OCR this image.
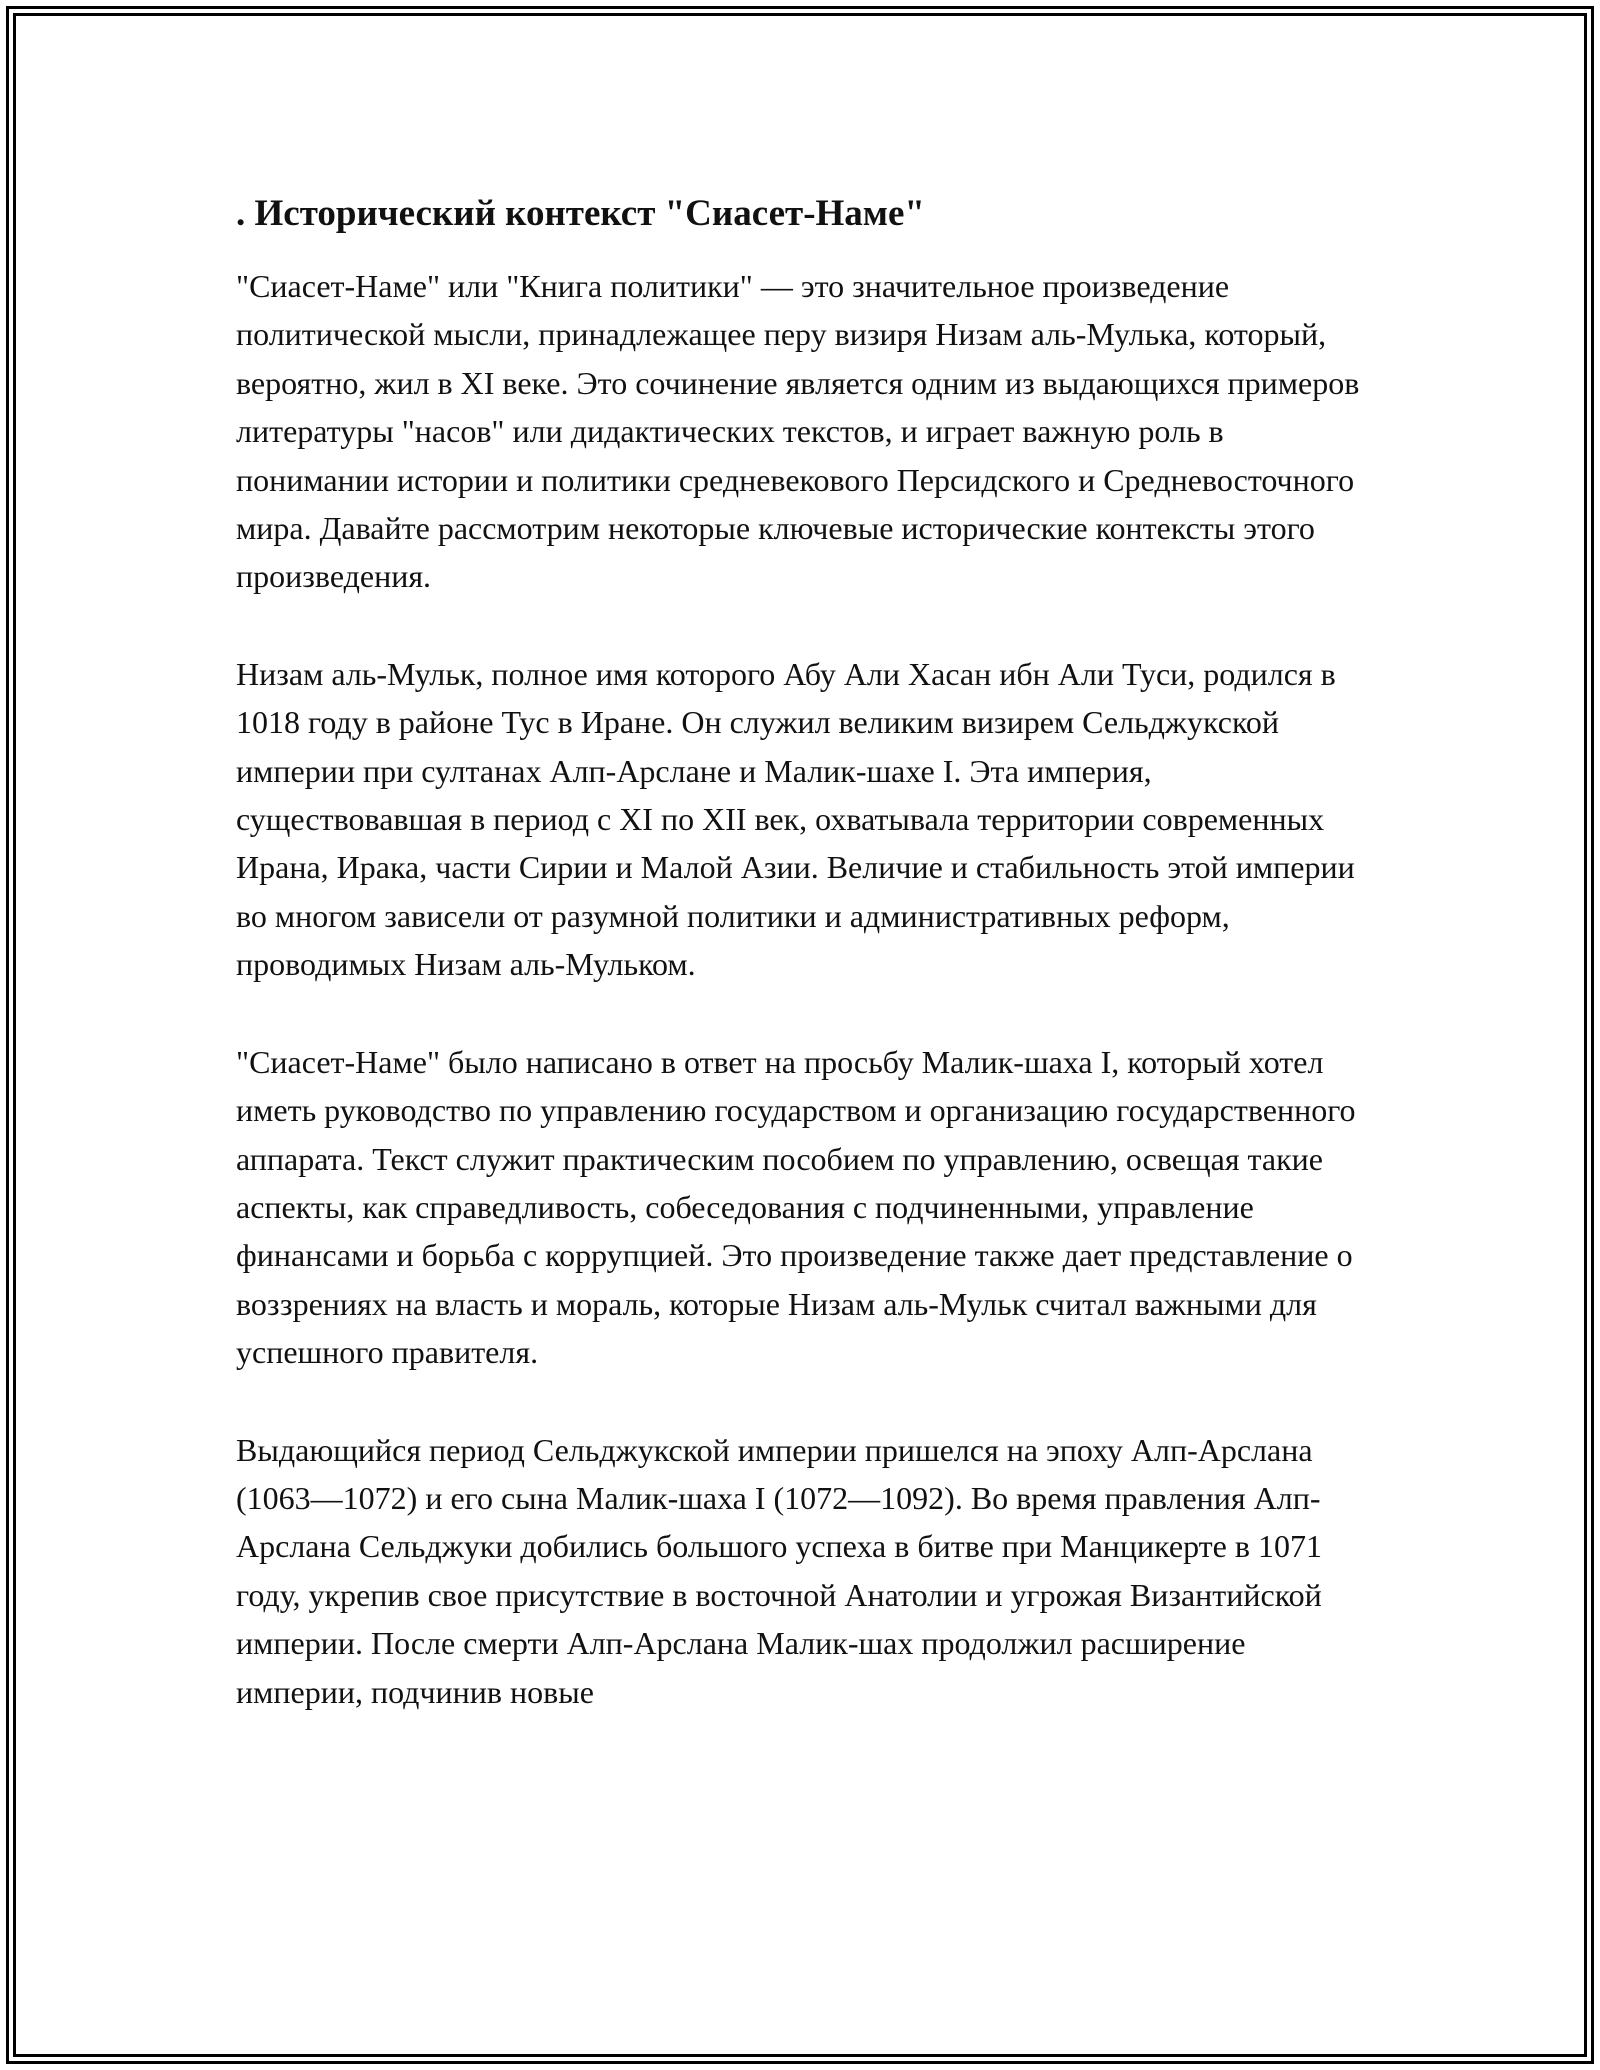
. Исторический контекст "Сиасет-Наме"

"Сиасет-Наме" или "Книга политики" — это значительное произведение политической мысли, принадлежащее перу визиря Низам аль-Мулька, который, вероятно, жил в XI веке. Это сочинение является одним из выдающихся примеров литературы "насов" или дидактических текстов, и играет важную роль в понимании истории и политики средневекового Персидского и Средневосточного мира. Давайте рассмотрим некоторые ключевые исторические контексты этого произведения.

Низам аль-Мульк, полное имя которого Абу Али Хасан ибн Али Туси, родился в 1018 году в районе Тус в Иране. Он служил великим визирем Сельджукской империи при султанах Алп-Арслане и Малик-шахе I. Эта империя, существовавшая в период с XI по XII век, охватывала территории современных Ирана, Ирака, части Сирии и Малой Азии. Величие и стабильность этой империи во многом зависели от разумной политики и административных реформ, проводимых Низам аль-Мульком.

"Сиасет-Наме" было написано в ответ на просьбу Малик-шаха I, который хотел иметь руководство по управлению государством и организацию государственного аппарата. Текст служит практическим пособием по управлению, освещая такие аспекты, как справедливость, собеседования с подчиненными, управление финансами и борьба с коррупцией. Это произведение также дает представление о воззрениях на власть и мораль, которые Низам аль-Мульк считал важными для успешного правителя.

Выдающийся период Сельджукской империи пришелся на эпоху Алп-Арслана (1063—1072) и его сына Малик-шаха I (1072—1092). Во время правления Алп-Арслана Сельджуки добились большого успеха в битве при Манцикерте в 1071 году, укрепив свое присутствие в восточной Анатолии и угрожая Византийской империи. После смерти Алп-Арслана Малик-шах продолжил расширение империи, подчинив новые
